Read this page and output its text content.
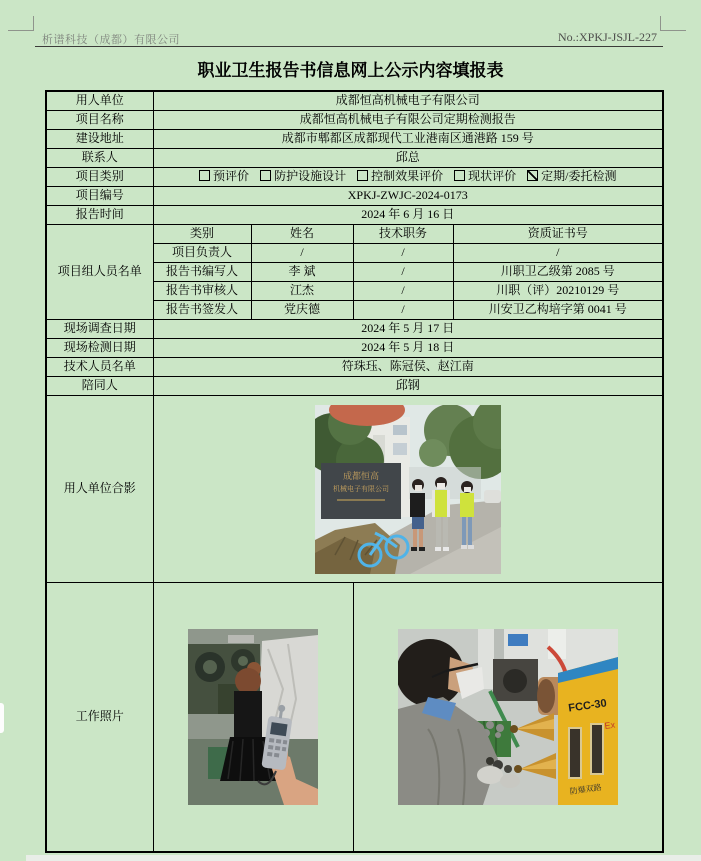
析谱科技（成都）有限公司	No.:XPKJ-JSJL-227
职业卫生报告书信息网上公示内容填报表
用人单位	成都恒高机械电子有限公司			
项目名称	成都恒高机械电子有限公司定期检测报告			
建设地址	成都市郫都区成都现代工业港南区通港路 159 号			
联系人	邱总			
项目类别	预评价 防护设施设计 控制效果评价 现状评价 定期/委托检测			
项目编号	XPKJ-ZWJC-2024-0173			
报告时间	2024 年 6 月 16 日			
项目组人员名单	类别	姓名	技术职务	资质证书号
	项目负责人	/	/	/
	报告书编写人	李 斌	/	川职卫乙级第 2085 号
	报告书审核人	江杰	/	川职（评）20210129 号
	报告书签发人	党庆德	/	川安卫乙构培字第 0041 号
现场调查日期	2024 年 5 月 17 日			
现场检测日期	2024 年 5 月 18 日			
技术人员名单	符珠珏、陈冠侯、赵江南			
陪同人	邱钢			
用人单位合影	成都恒高
机械电子有限公司			

工作照片			FCC-30
Ex
防爆双路	
